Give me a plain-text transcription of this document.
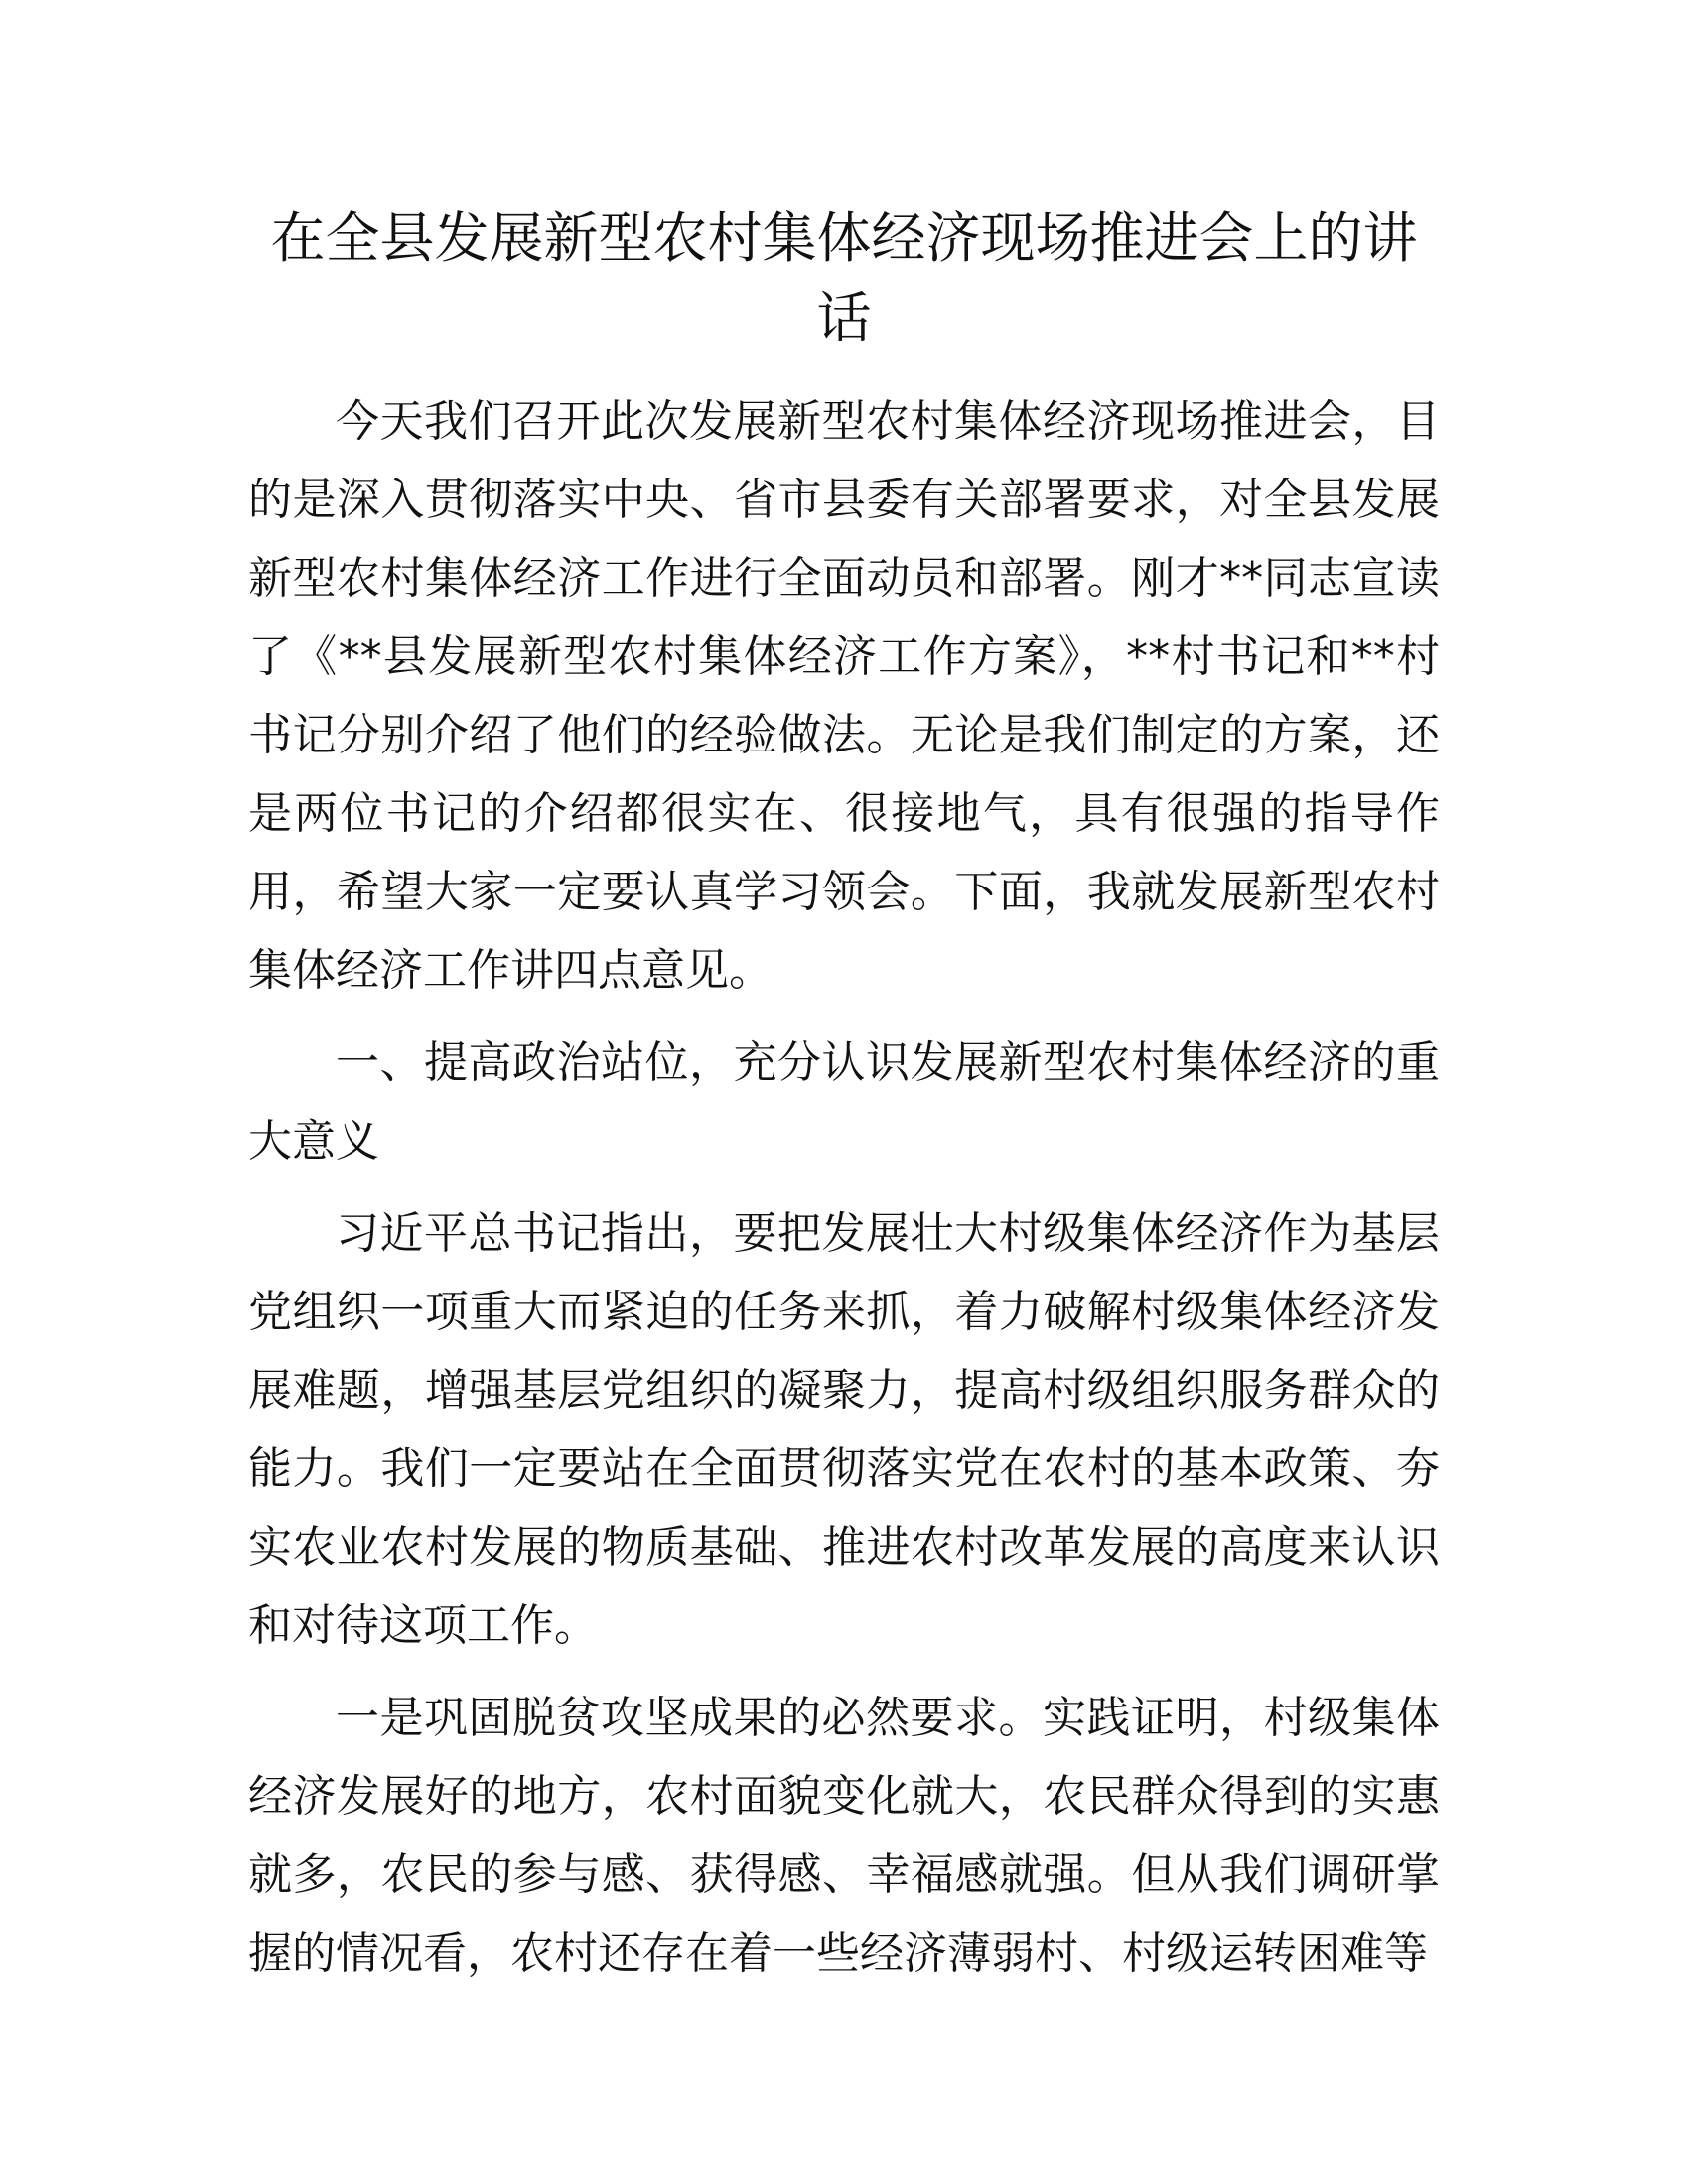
在全县发展新型农村集体经济现场推进会上的讲话

今天我们召开此次发展新型农村集体经济现场推进会，目的是深入贯彻落实中央、省市县委有关部署要求，对全县发展新型农村集体经济工作进行全面动员和部署。刚才**同志宣读了《**县发展新型农村集体经济工作方案》，**村书记和**村书记分别介绍了他们的经验做法。无论是我们制定的方案，还是两位书记的介绍都很实在、很接地气，具有很强的指导作用，希望大家一定要认真学习领会。下面，我就发展新型农村集体经济工作讲四点意见。

一、提高政治站位，充分认识发展新型农村集体经济的重大意义

习近平总书记指出，要把发展壮大村级集体经济作为基层党组织一项重大而紧迫的任务来抓，着力破解村级集体经济发展难题，增强基层党组织的凝聚力，提高村级组织服务群众的能力。我们一定要站在全面贯彻落实党在农村的基本政策、夯实农业农村发展的物质基础、推进农村改革发展的高度来认识和对待这项工作。

一是巩固脱贫攻坚成果的必然要求。实践证明，村级集体经济发展好的地方，农村面貌变化就大，农民群众得到的实惠就多，农民的参与感、获得感、幸福感就强。但从我们调研掌握的情况看，农村还存在着一些经济薄弱村、村级运转困难等
